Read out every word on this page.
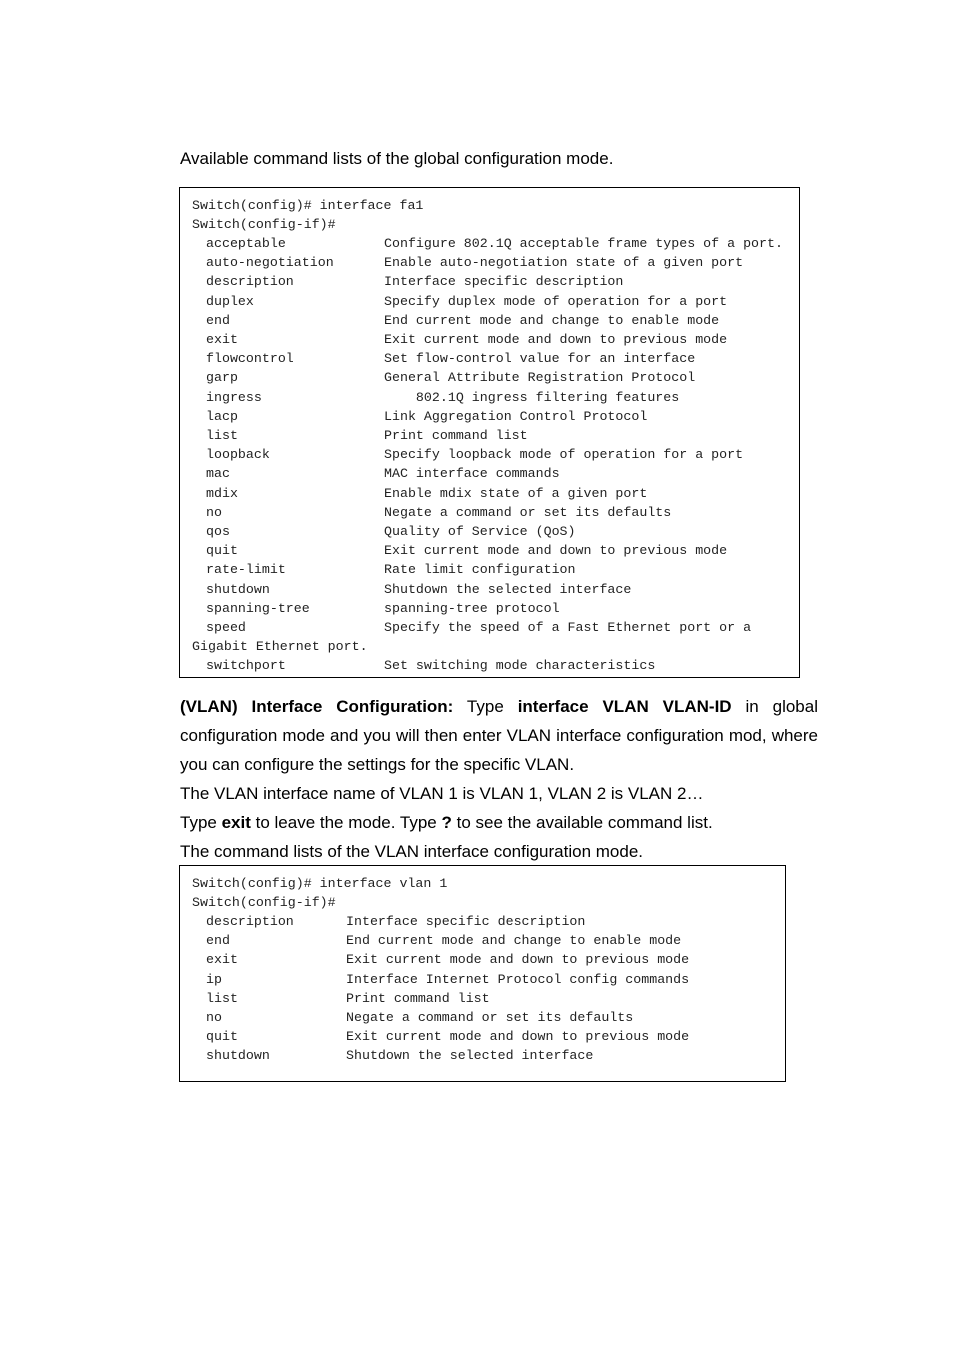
Available command lists of the global configuration mode.
Switch(config)# interface fa1
Switch(config-if)#
acceptable	Configure 802.1Q acceptable frame types of a port.
auto-negotiation	Enable auto-negotiation state of a given port
description	Interface specific description
duplex	Specify duplex mode of operation for a port
end	End current mode and change to enable mode
exit	Exit current mode and down to previous mode
flowcontrol	Set flow-control value for an interface
garp	General Attribute Registration Protocol
ingress	802.1Q ingress filtering features
lacp	Link Aggregation Control Protocol
list	Print command list
loopback	Specify loopback mode of operation for a port
mac	MAC interface commands
mdix	Enable mdix state of a given port
no	Negate a command or set its defaults
qos	Quality of Service (QoS)
quit	Exit current mode and down to previous mode
rate-limit	Rate limit configuration
shutdown	Shutdown the selected interface
spanning-tree	spanning-tree protocol
speed	Specify the speed of a Fast Ethernet port or a
Gigabit Ethernet port.
switchport	Set switching mode characteristics
(VLAN) Interface Configuration: Type interface VLAN VLAN-ID in global configuration mode and you will then enter VLAN interface configuration mod, where you can configure the settings for the specific VLAN.
The VLAN interface name of VLAN 1 is VLAN 1, VLAN 2 is VLAN 2…
Type exit to leave the mode. Type ? to see the available command list.
The command lists of the VLAN interface configuration mode.
Switch(config)# interface vlan 1
Switch(config-if)#
description	Interface specific description
end	End current mode and change to enable mode
exit	Exit current mode and down to previous mode
ip	Interface Internet Protocol config commands
list	Print command list
no	Negate a command or set its defaults
quit	Exit current mode and down to previous mode
shutdown	Shutdown the selected interface
